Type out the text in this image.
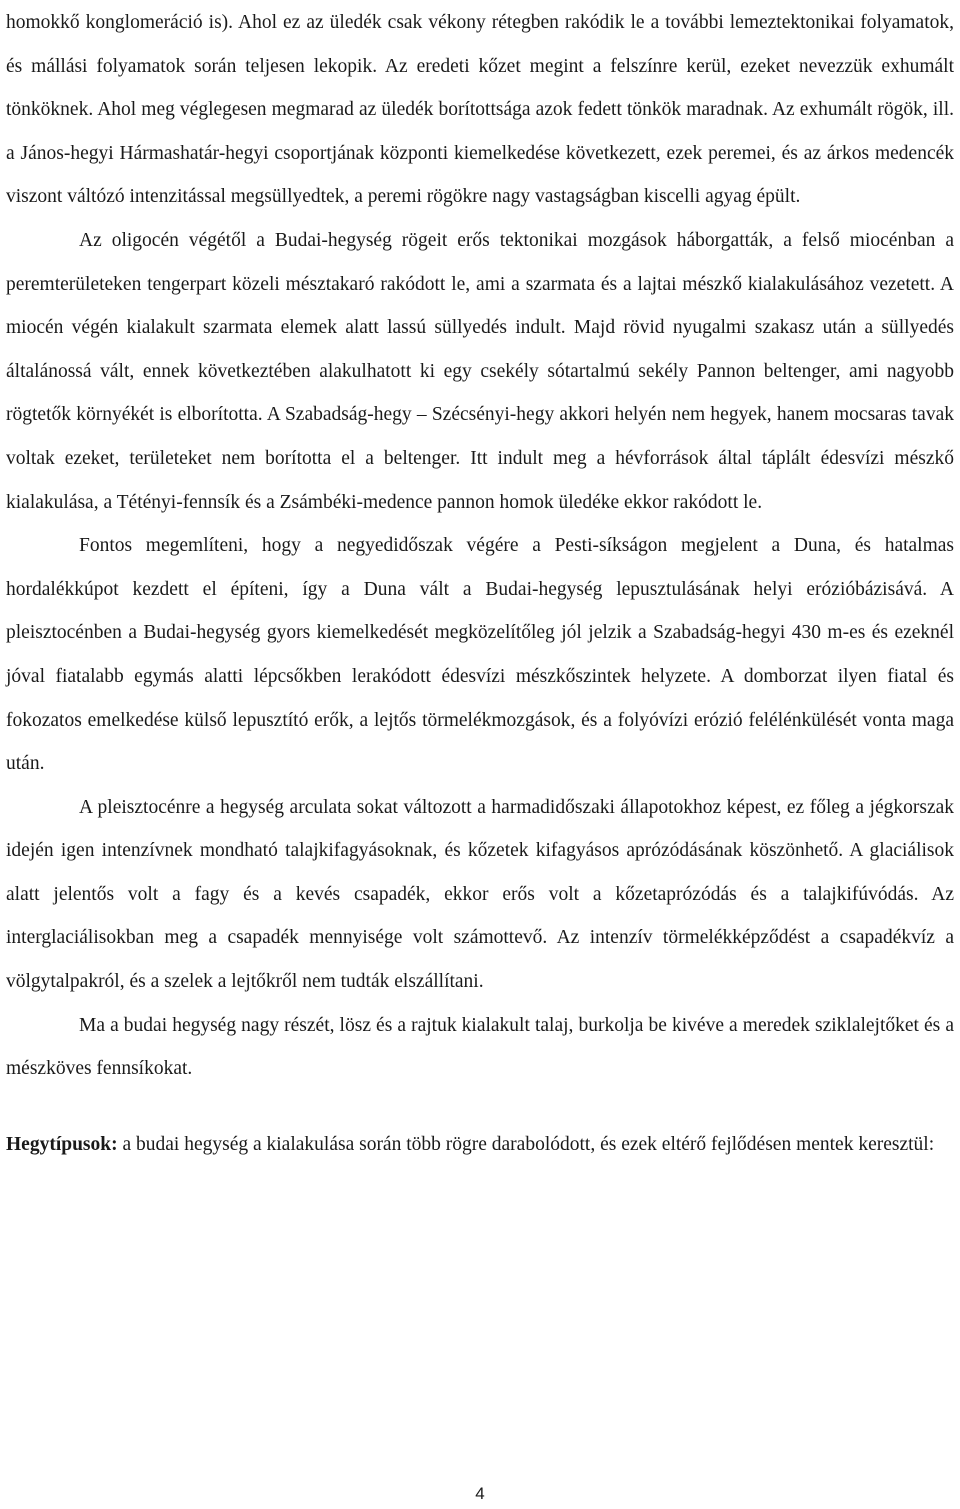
homokkő konglomeráció is). Ahol ez az üledék csak vékony rétegben rakódik le a további lemeztektonikai folyamatok, és mállási folyamatok során teljesen lekopik. Az eredeti kőzet megint a felszínre kerül, ezeket nevezzük exhumált tönköknek. Ahol meg véglegesen megmarad az üledék borítottsága azok fedett tönkök maradnak. Az exhumált rögök, ill. a János-hegyi Hármashatár-hegyi csoportjának központi kiemelkedése következett, ezek peremei, és az árkos medencék viszont váltózó intenzitással megsüllyedtek, a peremi rögökre nagy vastagságban kiscelli agyag épült.

Az oligocén végétől a Budai-hegység rögeit erős tektonikai mozgások háborgatták, a felső miocénban a peremterületeken tengerpart közeli mésztakaró rakódott le, ami a szarmata és a lajtai mészkő kialakulásához vezetett. A miocén végén kialakult szarmata elemek alatt lassú süllyedés indult. Majd rövid nyugalmi szakasz után a süllyedés általánossá vált, ennek következtében alakulhatott ki egy csekély sótartalmú sekély Pannon beltenger, ami nagyobb rögtetők környékét is elborította. A Szabadság-hegy – Szécsényi-hegy akkori helyén nem hegyek, hanem mocsaras tavak voltak ezeket, területeket nem borította el a beltenger. Itt indult meg a hévforrások által táplált édesvízi mészkő kialakulása, a Tétényi-fennsík és a Zsámbéki-medence pannon homok üledéke ekkor rakódott le.

Fontos megemlíteni, hogy a negyedidőszak végére a Pesti-síkságon megjelent a Duna, és hatalmas hordalékkúpot kezdett el építeni, így a Duna vált a Budai-hegység lepusztulásának helyi erózióbázisává. A pleisztocénben a Budai-hegység gyors kiemelkedését megközelítőleg jól jelzik a Szabadság-hegyi 430 m-es és ezeknél jóval fiatalabb egymás alatti lépcsőkben lerakódott édesvízi mészkőszintek helyzete. A domborzat ilyen fiatal és fokozatos emelkedése külső lepusztító erők, a lejtős törmelékmozgások, és a folyóvízi erózió felélénkülését vonta maga után.

A pleisztocénre a hegység arculata sokat változott a harmadidőszaki állapotokhoz képest, ez főleg a jégkorszak idején igen intenzívnek mondható talajkifagyásoknak, és kőzetek kifagyásos aprózódásának köszönhető. A glaciálisok alatt jelentős volt a fagy és a kevés csapadék, ekkor erős volt a kőzetaprózódás és a talajkifúvódás. Az interglaciálisokban meg a csapadék mennyisége volt számottevő. Az intenzív törmelékképződést a csapadékvíz a völgytalpakról, és a szelek a lejtőkről nem tudták elszállítani.

Ma a budai hegység nagy részét, lösz és a rajtuk kialakult talaj, burkolja be kivéve a meredek sziklalejtőket és a mészköves fennsíkokat.

Hegytípusok: a budai hegység a kialakulása során több rögre darabolódott, és ezek eltérő fejlődésen mentek keresztül:

4
